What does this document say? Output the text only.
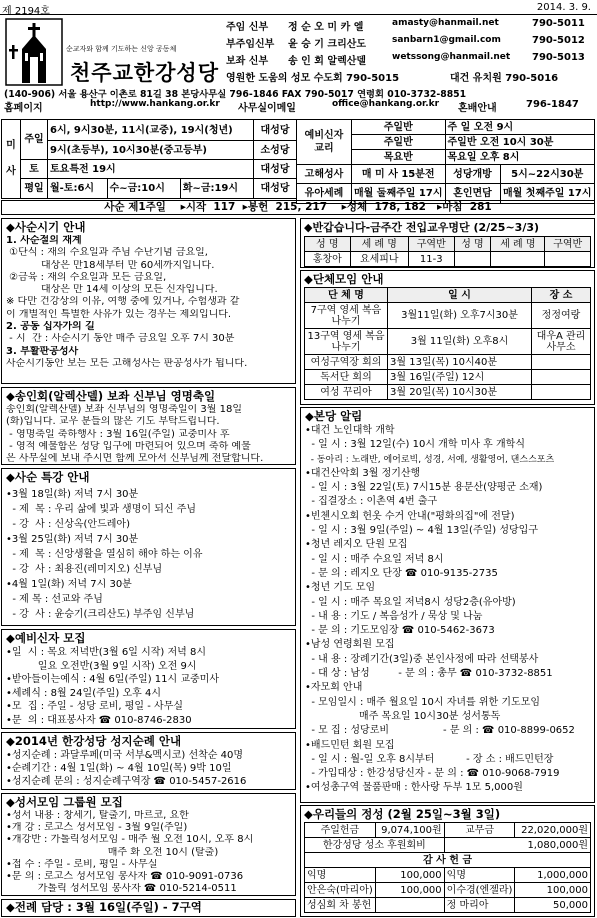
제 2194호	2014. 3. 9.
순교자와 함께 기도하는 신앙 공동체
천주교한강성당
주임 신부 정 순 오 미 카 엘	amasty@hanmail.net	790-5011
부주임신부 윤 승 기 크리산도	sanbarn1@gmail.com	790-5012
보좌 신부 송 인 회 알렉산델	wetssong@hanmail.net 790-5013
영원한 도움의 성모 수도회 790-5015	대건 유치원 790-5016
(140-906) 서울 용산구 이촌로 81길 38 본당사무실 796-1846 FAX 790-5017 연령회 010-3732-8851
홈페이지	http://www.hankang.or.kr 사무실이메일	office@hankang.or.kr 혼배안내	796-1847
미 사	주일	6시, 9시30분, 11시(교중), 19시(청년)			대성당
		9시(초등부), 10시30분(중고등부)			소성당
	토	토요특전 19시			대성당
	평일	월-토:6시	수~금:10시	화~금:19시	대성당
예비신자 교리	주일반	주 일 오전 9시	
	주일반	주일반 오전 10시 30분	
	목요반	목요일 오후 8시	
고해성사	매 미 사 15분전	성당개방	5시~22시30분
유아세례	매월 둘째주일 17시	혼인면담	매월 첫째주일 17시
사순 제1주일    ▸시작  117  ▸봉헌  215, 217    ▸성체  178, 182   ▸마침  281
◆사순시기 안내
1. 사순절의 재계
①단식 : 재의 수요일과 주님 수난기념 금요일,
대상은 만18세부터 만 60세까지입니다.
②금육 : 재의 수요일과 모든 금요일,
대상은 만 14세 이상의 모든 신자입니다.
※ 다만 건강상의 이유, 여행 중에 있거나, 수험생과 같
이 개별적인 특별한 사유가 있는 경우는 제외입니다.
2. 공동 십자가의 길
- 시  간 : 사순시기 동안 매주 금요일 오후 7시 30분
3. 부활판공성사
사순시기동안 보는 모든 고해성사는 판공성사가 됩니다.
◆송인회(알렉산델) 보좌 신부님 영명축일
송인회(알렉산델) 보좌 신부님의 영명축일이 3월 18일
(화)입니다. 교우 분들의 많은 기도 부탁드립니다.
- 영명축일 축하행사 : 3월 16일(주일) 교중미사 후
- 영적 예물함은 성당 입구에 마련되어 있으며 축하 예물
은 사무실에 보내 주시면 함께 모아서 신부님께 전달합니다.
◆사순 특강 안내
•3월 18일(화) 저녁 7시 30분
- 제  목 : 우리 삶에 빛과 생명이 되신 주님
- 강  사 : 신상옥(안드레아)
•3월 25일(화) 저녁 7시 30분
- 제  목 : 신앙생활을 열심히 해야 하는 이유
- 강  사 : 최용진(레미지오) 신부님
•4월 1일(화) 저녁 7시 30분
- 제 목 : 선교와 주님
- 강  사 : 윤승기(크리산도) 부주임 신부님
◆예비신자 모집
•일  시 : 목요 저녁반(3월 6일 시작) 저녁 8시
일요 오전반(3월 9일 시작) 오전 9시
•받아들이는예식 : 4월 6일(주일) 11시 교중미사
•세례식 : 8월 24일(주일) 오후 4시
•모  집 : 주일 - 성당 로비, 평일 - 사무실
•문  의 : 대표봉사자 ☎ 010-8746-2830
◆2014년 한강성당 성지순례 안내
•성지순례 : 과달루페(미국 서부&멕시코) 선착순 40명
•순례기간 : 4월 1일(화) ~ 4월 10일(목) 9박 10일
•성지순례 문의 : 성지순례구역장 ☎ 010-5457-2616
◆성서모임 그룹원 모집
•성서 내용 : 창세기, 탈출기, 마르코, 요한
•개 강 : 로고스 성서모임 - 3월 9일(주일)
•개강반 : 가톨릭성서모임 - 매주 월 오전 10시, 오후 8시
매주 화 오전 10시 (탈출)
•접 수 : 주일 - 로비, 평일 - 사무실
•문 의 : 로고스 성서모임 봉사자 ☎ 010-9091-0736
가톨릭 성서모임 봉사자 ☎ 010-5214-0511
◆전례 담당 : 3월 16일(주일) - 7구역
◆반갑습니다-금주간 전입교우명단 (2/25~3/3)
성 명	세 례 명	구역반	성 명	세 례 명	구역반
홍창아	요세피나	11-3			
◆단체모임 안내
단 체 명	일 시	장 소
7구역 영세 복음 나누기	3월11일(화) 오후7시30분	정정여랑
13구역 영세 복음 나누기	3월 11일(화) 오후8시	대우A 관리사무소
여성구역장 회의	3월 13일(목) 10시40분	
독서단 회의	3월 16일(주일) 12시	
여성 꾸리아	3월 20일(목) 10시30분	
◆본당 알림
•대건 노인대학 개학
- 일 시 : 3월 12일(수) 10시 개학 미사 후 개학식
- 동아리 : 노래반, 에어로빅, 성경, 서예, 생활영어, 댄스스포츠
•대건산악회 3월 정기산행
- 일 시 : 3월 22일(토) 7시15분 용문산(양평군 소재)
- 집결장소 : 이촌역 4번 출구
•빈첸시오회 헌옷 수거 안내("평화의집"에 전달)
- 일 시 : 3월 9일(주일) ~ 4월 13일(주일) 성당입구
•청년 레지오 단원 모집
- 일 시 : 매주 수요일 저녁 8시
- 문 의 : 레지오 단장 ☎ 010-9135-2735
•청년 기도 모임
- 일 시 : 매주 목요일 저녁8시 성당2층(유아방)
- 내 용 : 기도 / 복음성가 / 묵상 및 나눔
- 문 의 : 기도모임장 ☎ 010-5462-3673
•남성 연령회원 모집
- 내 용 : 장례기간(3일)중 본인사정에 따라 선택봉사
- 대 상 : 남성         - 문 의 : 총무 ☎ 010-3732-8851
•자모회 안내
- 모임일시 : 매주 월요일 10시 자녀를 위한 기도모임
매주 목요일 10시30분 성서통독
- 모 집 : 성당로비                 - 문 의 : ☎ 010-8899-0652
•배드민턴 회원 모집
- 일 시 : 월-일 오후 8시부터          - 장 소 : 배드민턴장
- 가입대상 : 한강성당신자 - 문 의 : ☎ 010-9068-7919
•여성총구역 물품판매 : 한사랑 두부 1모 5,000원
◆우리들의 정성 (2월 25일~3월 3일)
주일헌금	9,074,100원	교무금	22,020,000원
한강성당 성소 후원회비		1,080,000원	
감 사 헌 금			
익명	100,000	익명	1,000,000
안은숙(마리아)	100,000	이수경(엔젤라)	100,000
성심회 차 봉헌		정 마리아	50,000
